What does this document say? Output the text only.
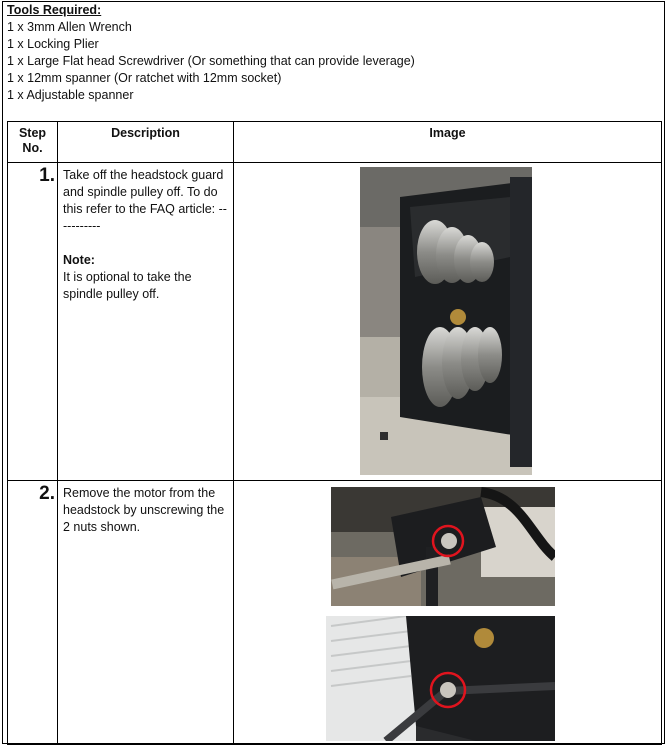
Tools Required:
1 x 3mm Allen Wrench
1 x Locking Plier
1 x Large Flat head Screwdriver (Or something that can provide leverage)
1 x 12mm spanner (Or ratchet with 12mm socket)
1 x Adjustable spanner
Step
No.	Description	Image
1.	Take off the headstock guard and spindle pulley off. To do this refer to the FAQ article: -----------

Note:
It is optional to take the spindle pulley off.

2.	Remove the motor from the headstock by unscrewing the 2 nuts shown.
